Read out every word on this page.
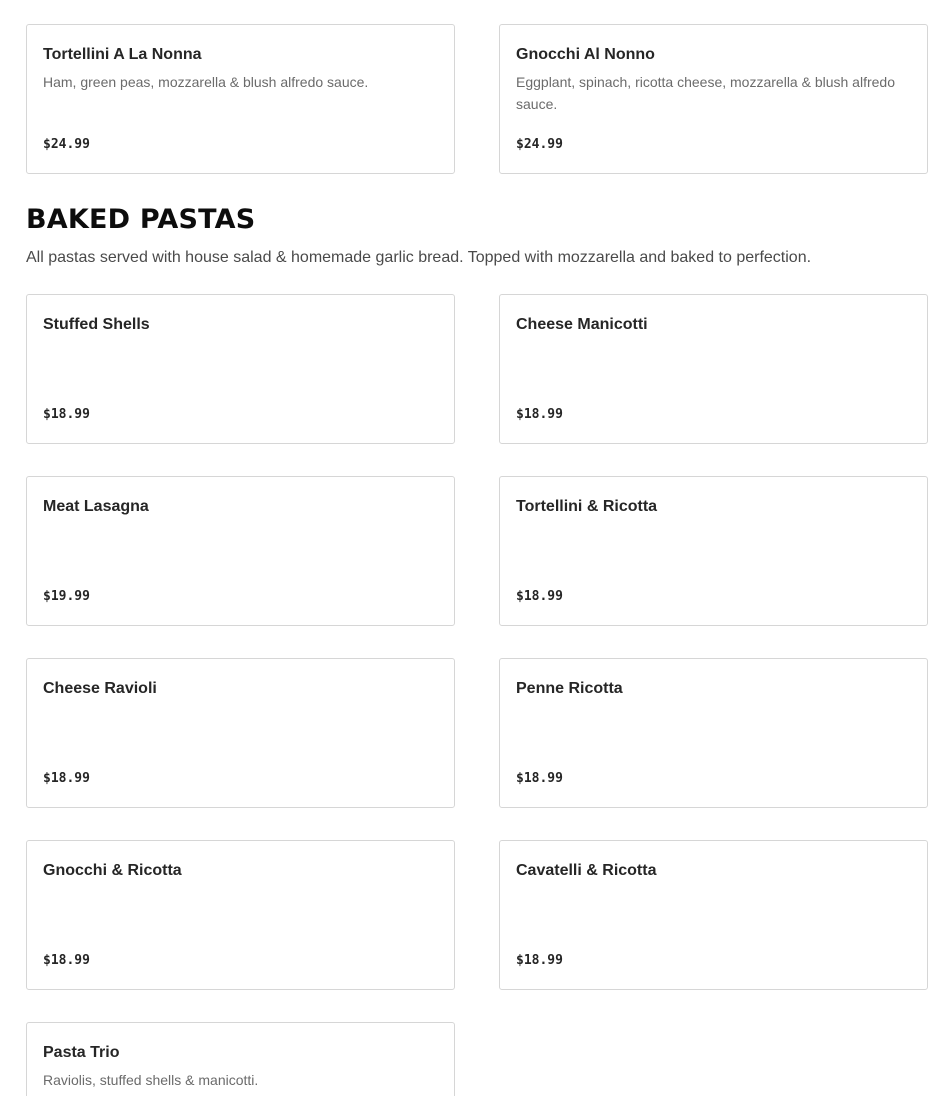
Tortellini A La Nonna
Ham, green peas, mozzarella & blush alfredo sauce.
$24.99
Gnocchi Al Nonno
Eggplant, spinach, ricotta cheese, mozzarella & blush alfredo sauce.
$24.99
BAKED PASTAS

All pastas served with house salad & homemade garlic bread. Topped with mozzarella and baked to perfection.

Stuffed Shells
$18.99
Cheese Manicotti
$18.99
Meat Lasagna
$19.99
Tortellini & Ricotta
$18.99
Cheese Ravioli
$18.99
Penne Ricotta
$18.99
Gnocchi & Ricotta
$18.99
Cavatelli & Ricotta
$18.99
Pasta Trio
Raviolis, stuffed shells & manicotti.
